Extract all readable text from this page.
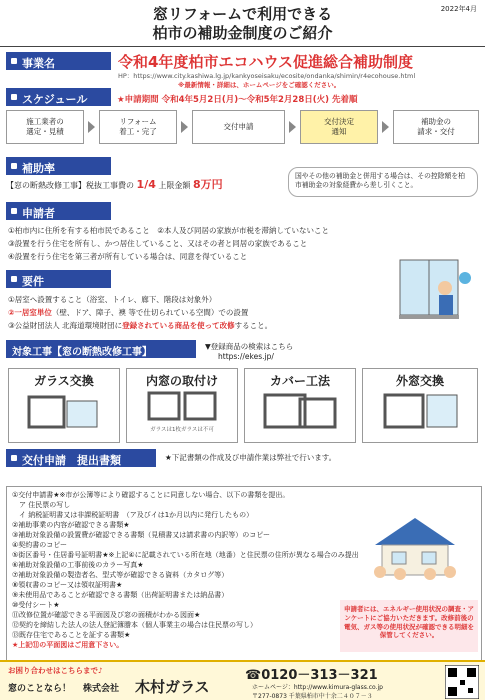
窓リフォームで利用できる
柏市の補助金制度のご紹介
2022年4月
事業名	令和4年度柏市エコハウス促進総合補助制度
HP：https://www.city.kashiwa.lg.jp/kankyoseisaku/ecosite/ondanka/shimin/r4ecohouse.html
※最新情報・詳細は、ホームページをご確認ください。
スケジュール	★申請期間 令和4年5月2日(月)～令和5年2月28日(火) 先着順
施工業者の
選定・見積
リフォーム
着工・完了
交付申請
交付決定
通知
補助金の
請求・交付
補助率
【窓の断熱改修工事】税抜工事費の 1/4 上限金額 8万円
国やその他の補助金と併用する場合は、その控除額を柏市補助金の対象経費から差し引くこと。
申請者
①柏市内に住所を有する柏市民であること　②本人及び同居の家族が市税を滞納していないこと
③設置を行う住宅を所有し、かつ居住していること、又はその者と同居の家族であること
④設置を行う住宅を第三者が所有している場合は、同意を得ていること
要件
①居室へ設置すること（浴室、トイレ、廊下、階段は対象外）
②一居室単位（壁、ドア、障子、襖 等で仕切られている空間）での設置
③公益財団法人 北海道環境財団に登録されている商品を使って改修すること。
対象工事【窓の断熱改修工事】
▼登録商品の検索はこちら
https://ekes.jp/
ガラス交換	内窓の取付け
ガラスは1枚ガラスは不可
カバー工法	外窓交換
交付申請　提出書類	★下記書類の作成及び申請作業は弊社で行います。
①交付申請書★※市が公簿等により確認することに同意しない場合、以下の書類を提出。
　ア 住民票の写し
　イ 納税証明書又は非課税証明書　（ア及びイは1か月以内に発行したもの）
②補助事業の内容が確認できる書類★
③補助対象設備の設置費が確認できる書類（見積書又は請求書の内訳等）のコピー
④契約書のコピー
⑤街区番号・住居番号証明書★※上記④に記載されている所在地（地番）と住民票の住所が異なる場合のみ提出
⑥補助対象設備の工事前後のカラー写真★
⑦補助対象設備の製造者名、型式等が確認できる資料（カタログ等）
⑧領収書のコピー又は領収証明書★
⑨未使用品であることが確認できる書類（出荷証明書または納品書）
⑩受付シート★
⑪改修位置が確認できる平面図及び窓の面積がわかる図面★
⑫契約を締結した法人の法人登記簿謄本（個人事業主の場合は住民票の写し）
⑬既存住宅であることを証する書類★
★上記⑪の平面図はご用意下さい。
申請者には、エネルギー使用状況の調査・アンケートにご協力いただきます。改修前後の電気、ガス等の使用状況が確認できる明細を保管してください。
お困り合わせはこちらまで♪
窓のことなら！ 株式会社 木村ガラス
☎0120－313－321
ホームページ：http://www.kimura-glass.co.jp
〒277-0873 千葉県柏市中十余二４０７－３
